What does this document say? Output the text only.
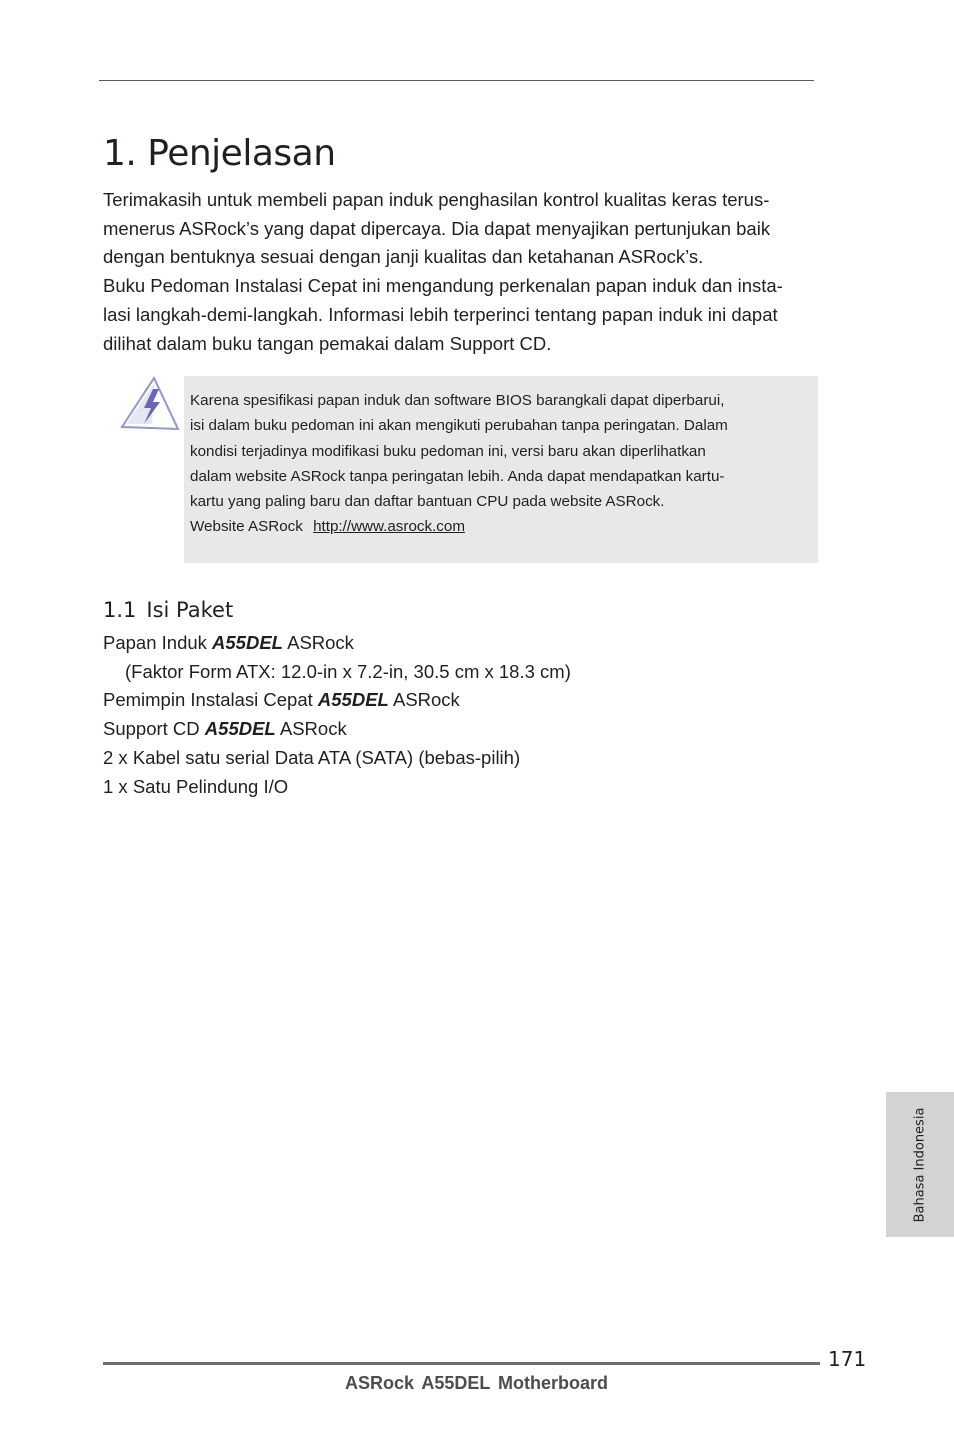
1. Penjelasan

Terimakasih untuk membeli papan induk penghasilan kontrol kualitas keras terus-

menerus ASRock’s yang dapat dipercaya. Dia dapat menyajikan pertunjukan baik

dengan bentuknya sesuai dengan janji kualitas dan ketahanan ASRock’s.

Buku Pedoman Instalasi Cepat ini mengandung perkenalan papan induk dan insta-

lasi langkah-demi-langkah. Informasi lebih terperinci tentang papan induk ini dapat

dilihat dalam buku tangan pemakai dalam Support CD.

Karena spesifikasi papan induk dan software BIOS barangkali dapat diperbarui,

isi dalam buku pedoman ini akan mengikuti perubahan tanpa peringatan. Dalam

kondisi terjadinya modifikasi buku pedoman ini, versi baru akan diperlihatkan

dalam website ASRock tanpa peringatan lebih. Anda dapat mendapatkan kartu-

kartu yang paling baru dan daftar bantuan CPU pada website ASRock.

Website ASRock http://www.asrock.com

1.1 Isi Paket
Papan Induk A55DEL ASRock
(Faktor Form ATX: 12.0-in x 7.2-in, 30.5 cm x 18.3 cm)
Pemimpin Instalasi Cepat A55DEL ASRock
Support CD A55DEL ASRock
2 x Kabel satu serial Data ATA (SATA) (bebas-pilih)
1 x Satu Pelindung I/O
Bahasa Indonesia
171
ASRock A55DEL Motherboard
